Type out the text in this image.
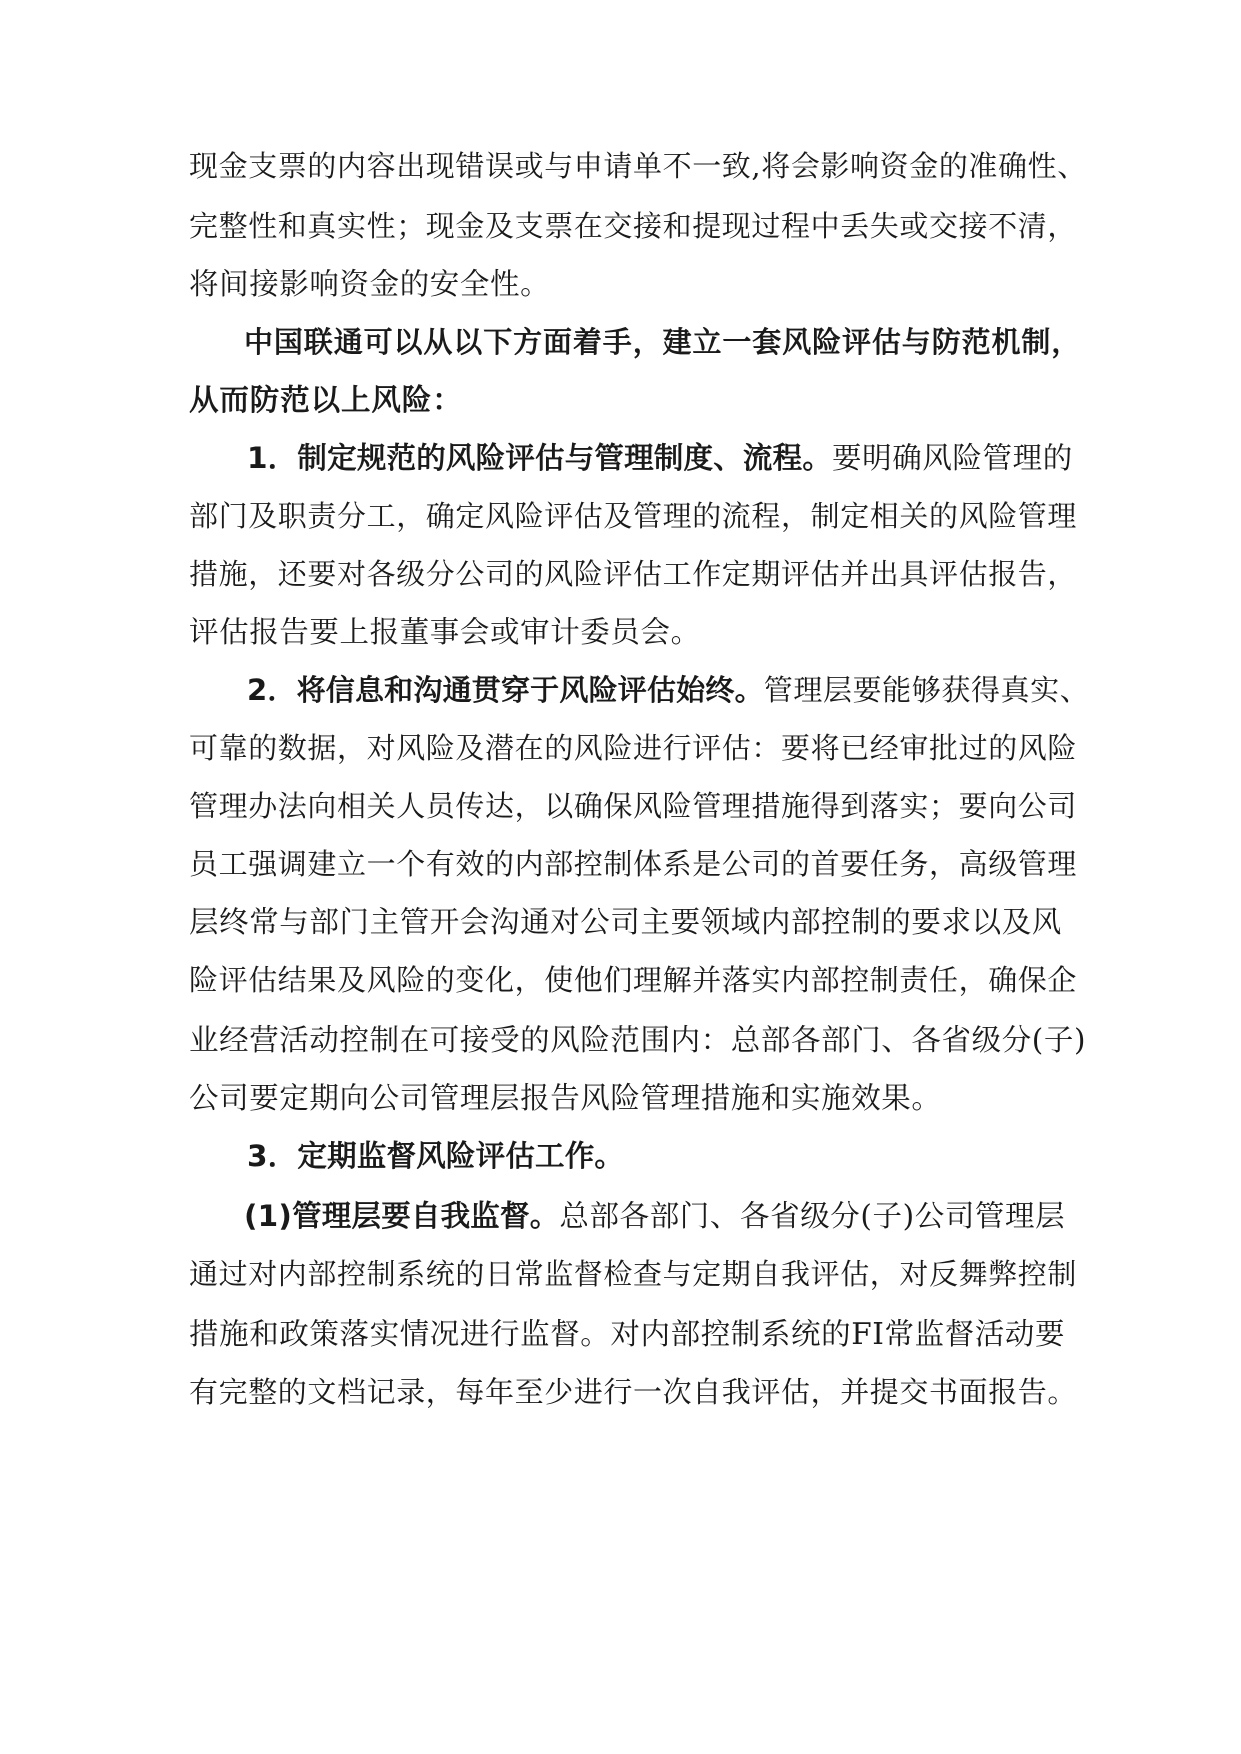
现金支票的内容出现错误或与申请单不一致,将会影响资金的准确性、

完整性和真实性；现金及支票在交接和提现过程中丢失或交接不清，

将间接影响资金的安全性。

中国联通可以从以下方面着手，建立一套风险评估与防范机制，

从而防范以上风险：

1．制定规范的风险评估与管理制度、流程。要明确风险管理的

部门及职责分工，确定风险评估及管理的流程，制定相关的风险管理

措施，还要对各级分公司的风险评估工作定期评估并出具评估报告，

评估报告要上报董事会或审计委员会。

2．将信息和沟通贯穿于风险评估始终。管理层要能够获得真实、

可靠的数据，对风险及潜在的风险进行评估：要将已经审批过的风险

管理办法向相关人员传达，以确保风险管理措施得到落实；要向公司

员工强调建立一个有效的内部控制体系是公司的首要任务，高级管理

层终常与部门主管开会沟通对公司主要领域内部控制的要求以及风

险评估结果及风险的变化，使他们理解并落实内部控制责任，确保企

业经营活动控制在可接受的风险范围内：总部各部门、各省级分(子)

公司要定期向公司管理层报告风险管理措施和实施效果。

3．定期监督风险评估工作。

(1)管理层要自我监督。总部各部门、各省级分(子)公司管理层

通过对内部控制系统的日常监督检查与定期自我评估，对反舞弊控制

措施和政策落实情况进行监督。对内部控制系统的FI常监督活动要

有完整的文档记录，每年至少进行一次自我评估，并提交书面报告。
